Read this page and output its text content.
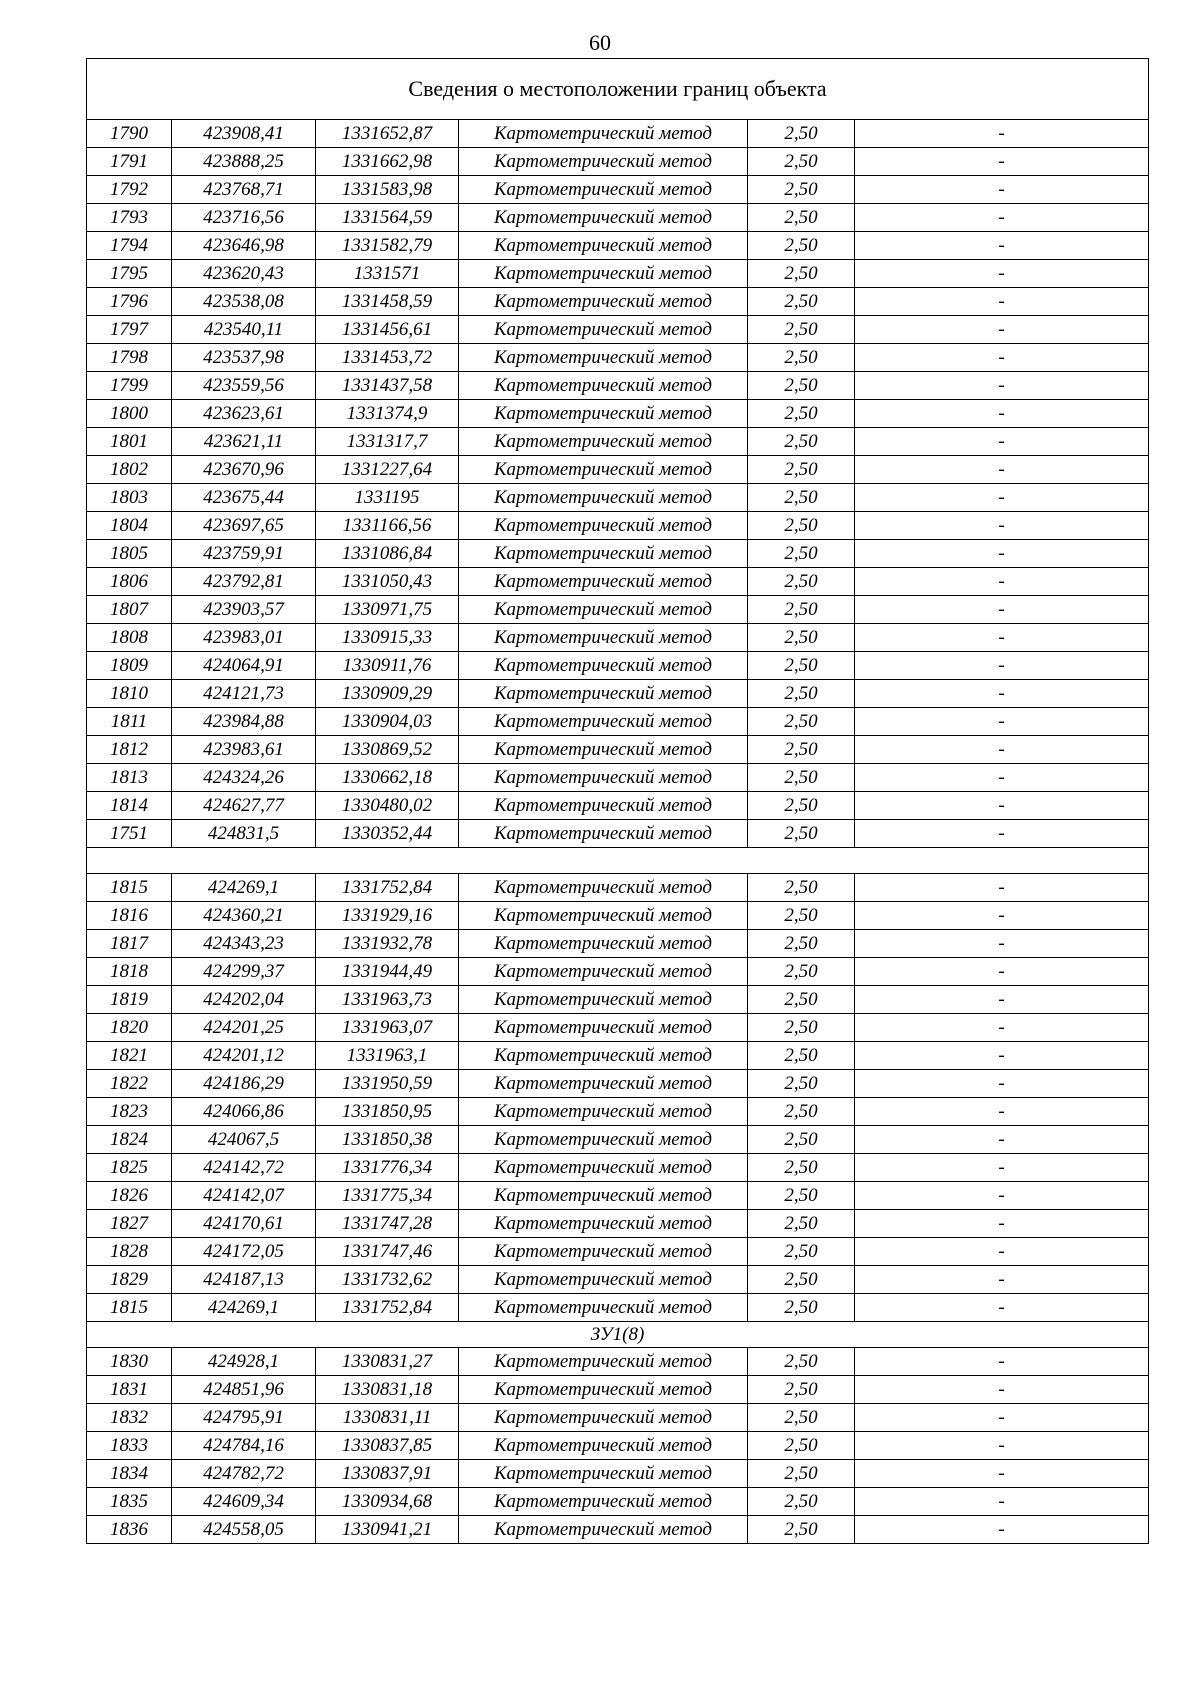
60
Сведения о местоположении границ объекта					
1790	423908,41	1331652,87	Картометрический метод	2,50	-
1791	423888,25	1331662,98	Картометрический метод	2,50	-
1792	423768,71	1331583,98	Картометрический метод	2,50	-
1793	423716,56	1331564,59	Картометрический метод	2,50	-
1794	423646,98	1331582,79	Картометрический метод	2,50	-
1795	423620,43	1331571	Картометрический метод	2,50	-
1796	423538,08	1331458,59	Картометрический метод	2,50	-
1797	423540,11	1331456,61	Картометрический метод	2,50	-
1798	423537,98	1331453,72	Картометрический метод	2,50	-
1799	423559,56	1331437,58	Картометрический метод	2,50	-
1800	423623,61	1331374,9	Картометрический метод	2,50	-
1801	423621,11	1331317,7	Картометрический метод	2,50	-
1802	423670,96	1331227,64	Картометрический метод	2,50	-
1803	423675,44	1331195	Картометрический метод	2,50	-
1804	423697,65	1331166,56	Картометрический метод	2,50	-
1805	423759,91	1331086,84	Картометрический метод	2,50	-
1806	423792,81	1331050,43	Картометрический метод	2,50	-
1807	423903,57	1330971,75	Картометрический метод	2,50	-
1808	423983,01	1330915,33	Картометрический метод	2,50	-
1809	424064,91	1330911,76	Картометрический метод	2,50	-
1810	424121,73	1330909,29	Картометрический метод	2,50	-
1811	423984,88	1330904,03	Картометрический метод	2,50	-
1812	423983,61	1330869,52	Картометрический метод	2,50	-
1813	424324,26	1330662,18	Картометрический метод	2,50	-
1814	424627,77	1330480,02	Картометрический метод	2,50	-
1751	424831,5	1330352,44	Картометрический метод	2,50	-

1815	424269,1	1331752,84	Картометрический метод	2,50	-
1816	424360,21	1331929,16	Картометрический метод	2,50	-
1817	424343,23	1331932,78	Картометрический метод	2,50	-
1818	424299,37	1331944,49	Картометрический метод	2,50	-
1819	424202,04	1331963,73	Картометрический метод	2,50	-
1820	424201,25	1331963,07	Картометрический метод	2,50	-
1821	424201,12	1331963,1	Картометрический метод	2,50	-
1822	424186,29	1331950,59	Картометрический метод	2,50	-
1823	424066,86	1331850,95	Картометрический метод	2,50	-
1824	424067,5	1331850,38	Картометрический метод	2,50	-
1825	424142,72	1331776,34	Картометрический метод	2,50	-
1826	424142,07	1331775,34	Картометрический метод	2,50	-
1827	424170,61	1331747,28	Картометрический метод	2,50	-
1828	424172,05	1331747,46	Картометрический метод	2,50	-
1829	424187,13	1331732,62	Картометрический метод	2,50	-
1815	424269,1	1331752,84	Картометрический метод	2,50	-
ЗУ1(8)					
1830	424928,1	1330831,27	Картометрический метод	2,50	-
1831	424851,96	1330831,18	Картометрический метод	2,50	-
1832	424795,91	1330831,11	Картометрический метод	2,50	-
1833	424784,16	1330837,85	Картометрический метод	2,50	-
1834	424782,72	1330837,91	Картометрический метод	2,50	-
1835	424609,34	1330934,68	Картометрический метод	2,50	-
1836	424558,05	1330941,21	Картометрический метод	2,50	-
